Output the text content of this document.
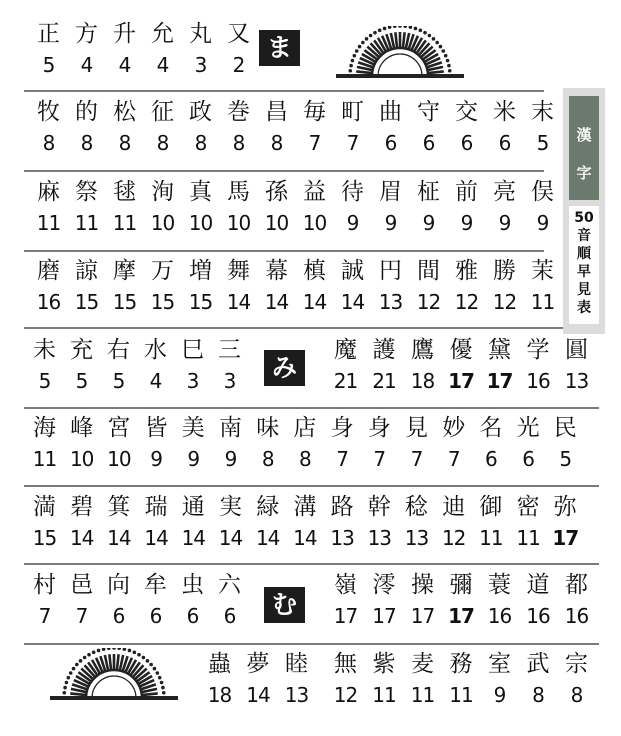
ま
み
む
漢
字
50
音
順
早
見
表
正
5
方
4
升
4
允
4
丸
3
又
2
牧
8
的
8
松
8
征
8
政
8
巻
8
昌
8
毎
7
町
7
曲
6
守
6
交
6
米
6
末
5
麻
11
祭
11
毬
11
洵
10
真
10
馬
10
孫
10
益
10
待
9
眉
9
柾
9
前
9
亮
9
俣
9
磨
16
諒
15
摩
15
万
15
増
15
舞
14
幕
14
槙
14
誠
14
円
13
間
12
雅
12
勝
12
茉
11
未
5
充
5
右
5
水
4
巳
3
三
3
魔
21
護
21
鷹
18
優
17
黛
17
学
16
圓
13
海
11
峰
10
宮
10
皆
9
美
9
南
9
味
8
店
8
身
7
身
7
見
7
妙
7
名
6
光
6
民
5
満
15
碧
14
箕
14
瑞
14
通
14
実
14
緑
14
溝
14
路
13
幹
13
稔
13
迪
12
御
11
密
11
弥
17
村
7
邑
7
向
6
牟
6
虫
6
六
6
嶺
17
澪
17
操
17
彌
17
蓑
16
道
16
都
16
蟲
18
夢
14
睦
13
無
12
紫
11
麦
11
務
11
室
9
武
8
宗
8
